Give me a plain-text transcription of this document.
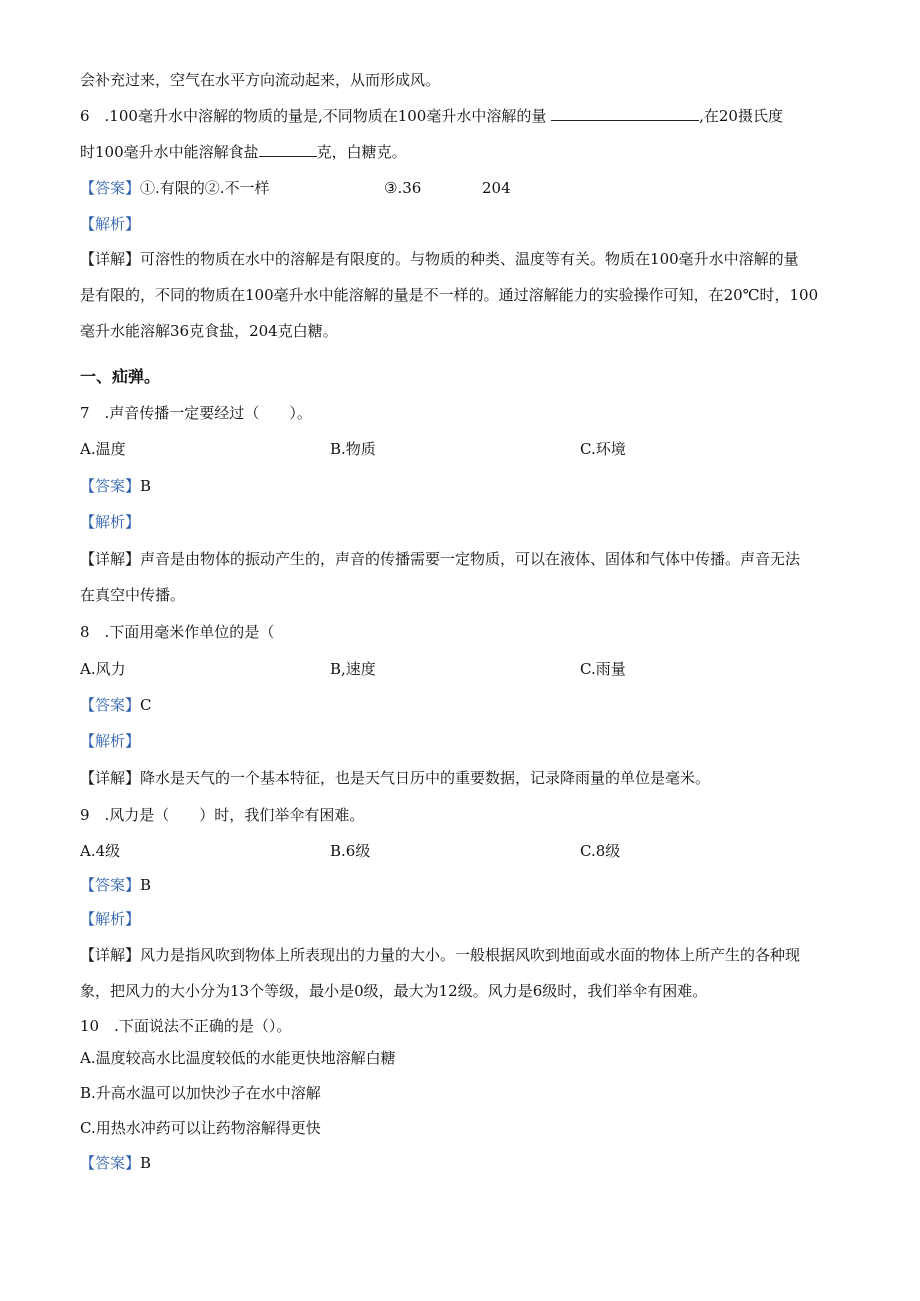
会补充过来，空气在水平方向流动起来，从而形成风。
6　.100毫升水中溶解的物质的量是,不同物质在100毫升水中溶解的量	,在20摄氏度
时100毫升水中能溶解食盐	克，白糖克。
【答案】①.有限的②.不一样	③.36	204
【解析】
【详解】可溶性的物质在水中的溶解是有限度的。与物质的种类、温度等有关。物质在100毫升水中溶解的量
是有限的，不同的物质在100毫升水中能溶解的量是不一样的。通过溶解能力的实验操作可知，在20℃时，100
毫升水能溶解36克食盐，204克白糖。
一、疝弹。
7　.声音传播一定要经过（　　）。
A.温度	B.物质	C.环境
【答案】B
【解析】
【详解】声音是由物体的振动产生的，声音的传播需要一定物质，可以在液体、固体和气体中传播。声音无法
在真空中传播。
8　.下面用毫米作单位的是（
A.风力	B,速度	C.雨量
【答案】C
【解析】
【详解】降水是天气的一个基本特征，也是天气日历中的重要数据，记录降雨量的单位是毫米。
9　.风力是（　　）时，我们举伞有困难。
A.4级	B.6级	C.8级
【答案】B
【解析】
【详解】风力是指风吹到物体上所表现出的力量的大小。一般根据风吹到地面或水面的物体上所产生的各种现
象，把风力的大小分为13个等级，最小是0级，最大为12级。风力是6级时，我们举伞有困难。
10　.下面说法不正确的是（）。
A.温度较高水比温度较低的水能更快地溶解白糖
B.升高水温可以加快沙子在水中溶解
C.用热水冲药可以让药物溶解得更快
【答案】B
